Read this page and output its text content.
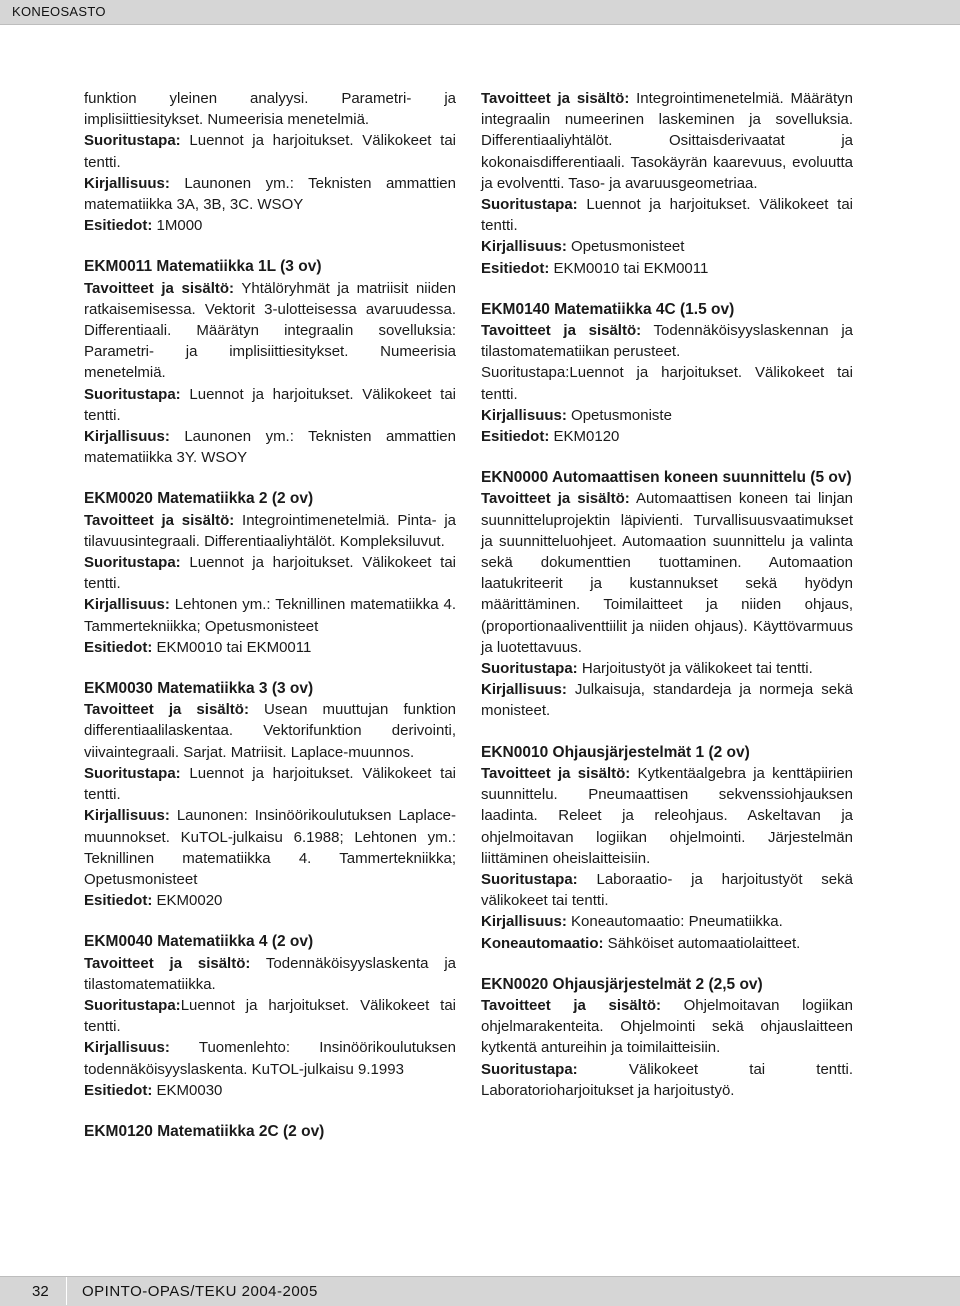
KONEOSASTO

funktion yleinen analyysi. Parametri- ja implisiittiesitykset. Numeerisia menetelmiä.

Suoritustapa: Luennot ja harjoitukset. Välikokeet tai tentti.

Kirjallisuus: Launonen ym.: Teknisten ammattien matematiikka 3A, 3B, 3C. WSOY

Esitiedot: 1M000

EKM0011 Matematiikka 1L (3 ov)

Tavoitteet ja sisältö: Yhtälöryhmät ja matriisit niiden ratkaisemisessa. Vektorit 3-ulotteisessa avaruudessa. Differentiaali. Määrätyn integraalin sovelluksia: Parametri- ja implisiittiesitykset. Numeerisia menetelmiä.

Suoritustapa: Luennot ja harjoitukset. Välikokeet tai tentti.

Kirjallisuus: Launonen ym.: Teknisten ammattien matematiikka 3Y. WSOY

EKM0020 Matematiikka 2 (2 ov)

Tavoitteet ja sisältö: Integrointimenetelmiä. Pinta- ja tilavuusintegraali. Differentiaaliyhtälöt. Kompleksiluvut.

Suoritustapa: Luennot ja harjoitukset. Välikokeet tai tentti.

Kirjallisuus: Lehtonen ym.: Teknillinen matematiikka 4. Tammertekniikka; Opetusmonisteet

Esitiedot: EKM0010 tai EKM0011

EKM0030 Matematiikka 3 (3 ov)

Tavoitteet ja sisältö: Usean muuttujan funktion differentiaalilaskentaa. Vektorifunktion derivointi, viivaintegraali. Sarjat. Matriisit. Laplace-muunnos.

Suoritustapa: Luennot ja harjoitukset. Välikokeet tai tentti.

Kirjallisuus: Launonen: Insinöörikoulutuksen Laplace-muunnokset. KuTOL-julkaisu 6.1988; Lehtonen ym.: Teknillinen matematiikka 4. Tammertekniikka; Opetusmonisteet

Esitiedot: EKM0020

EKM0040 Matematiikka 4 (2 ov)

Tavoitteet ja sisältö: Todennäköisyyslaskenta ja tilastomatematiikka.

Suoritustapa:Luennot ja harjoitukset. Välikokeet tai tentti.

Kirjallisuus: Tuomenlehto: Insinöörikoulutuksen todennäköisyyslaskenta. KuTOL-julkaisu 9.1993

Esitiedot: EKM0030

EKM0120 Matematiikka 2C (2 ov)

Tavoitteet ja sisältö: Integrointimenetelmiä. Määrätyn integraalin numeerinen laskeminen ja sovelluksia. Differentiaaliyhtälöt. Osittaisderivaatat ja kokonaisdifferentiaali. Tasokäyrän kaarevuus, evoluutta ja evolventti. Taso- ja avaruusgeometriaa.

Suoritustapa: Luennot ja harjoitukset. Välikokeet tai tentti.

Kirjallisuus: Opetusmonisteet

Esitiedot: EKM0010 tai EKM0011

EKM0140 Matematiikka 4C (1.5 ov)

Tavoitteet ja sisältö: Todennäköisyyslaskennan ja tilastomatematiikan perusteet.

Suoritustapa:Luennot ja harjoitukset. Välikokeet tai tentti.

Kirjallisuus: Opetusmoniste

Esitiedot: EKM0120

EKN0000 Automaattisen koneen suunnittelu (5 ov)

Tavoitteet ja sisältö: Automaattisen koneen tai linjan suunnitteluprojektin läpivienti. Turvallisuusvaatimukset ja suunnitteluohjeet. Automaation suunnittelu ja valinta sekä dokumenttien tuottaminen. Automaation laatukriteerit ja kustannukset sekä hyödyn määrittäminen. Toimilaitteet ja niiden ohjaus, (proportionaaliventtiilit ja niiden ohjaus). Käyttövarmuus ja luotettavuus.

Suoritustapa: Harjoitustyöt ja välikokeet tai tentti.

Kirjallisuus: Julkaisuja, standardeja ja normeja sekä monisteet.

EKN0010 Ohjausjärjestelmät 1 (2 ov)

Tavoitteet ja sisältö: Kytkentäalgebra ja kenttäpiirien suunnittelu. Pneumaattisen sekvenssiohjauksen laadinta. Releet ja releohjaus. Askeltavan ja ohjelmoitavan logiikan ohjelmointi. Järjestelmän liittäminen oheislaitteisiin.

Suoritustapa: Laboraatio- ja harjoitustyöt sekä välikokeet tai tentti.

Kirjallisuus: Koneautomaatio: Pneumatiikka.

Koneautomaatio: Sähköiset automaatiolaitteet.

EKN0020 Ohjausjärjestelmät 2 (2,5 ov)

Tavoitteet ja sisältö: Ohjelmoitavan logiikan ohjelmarakenteita. Ohjelmointi sekä ohjauslaitteen kytkentä antureihin ja toimilaitteisiin.

Suoritustapa: Välikokeet tai tentti. Laboratorioharjoitukset ja harjoitustyö.

32 OPINTO-OPAS/TEKU 2004-2005
